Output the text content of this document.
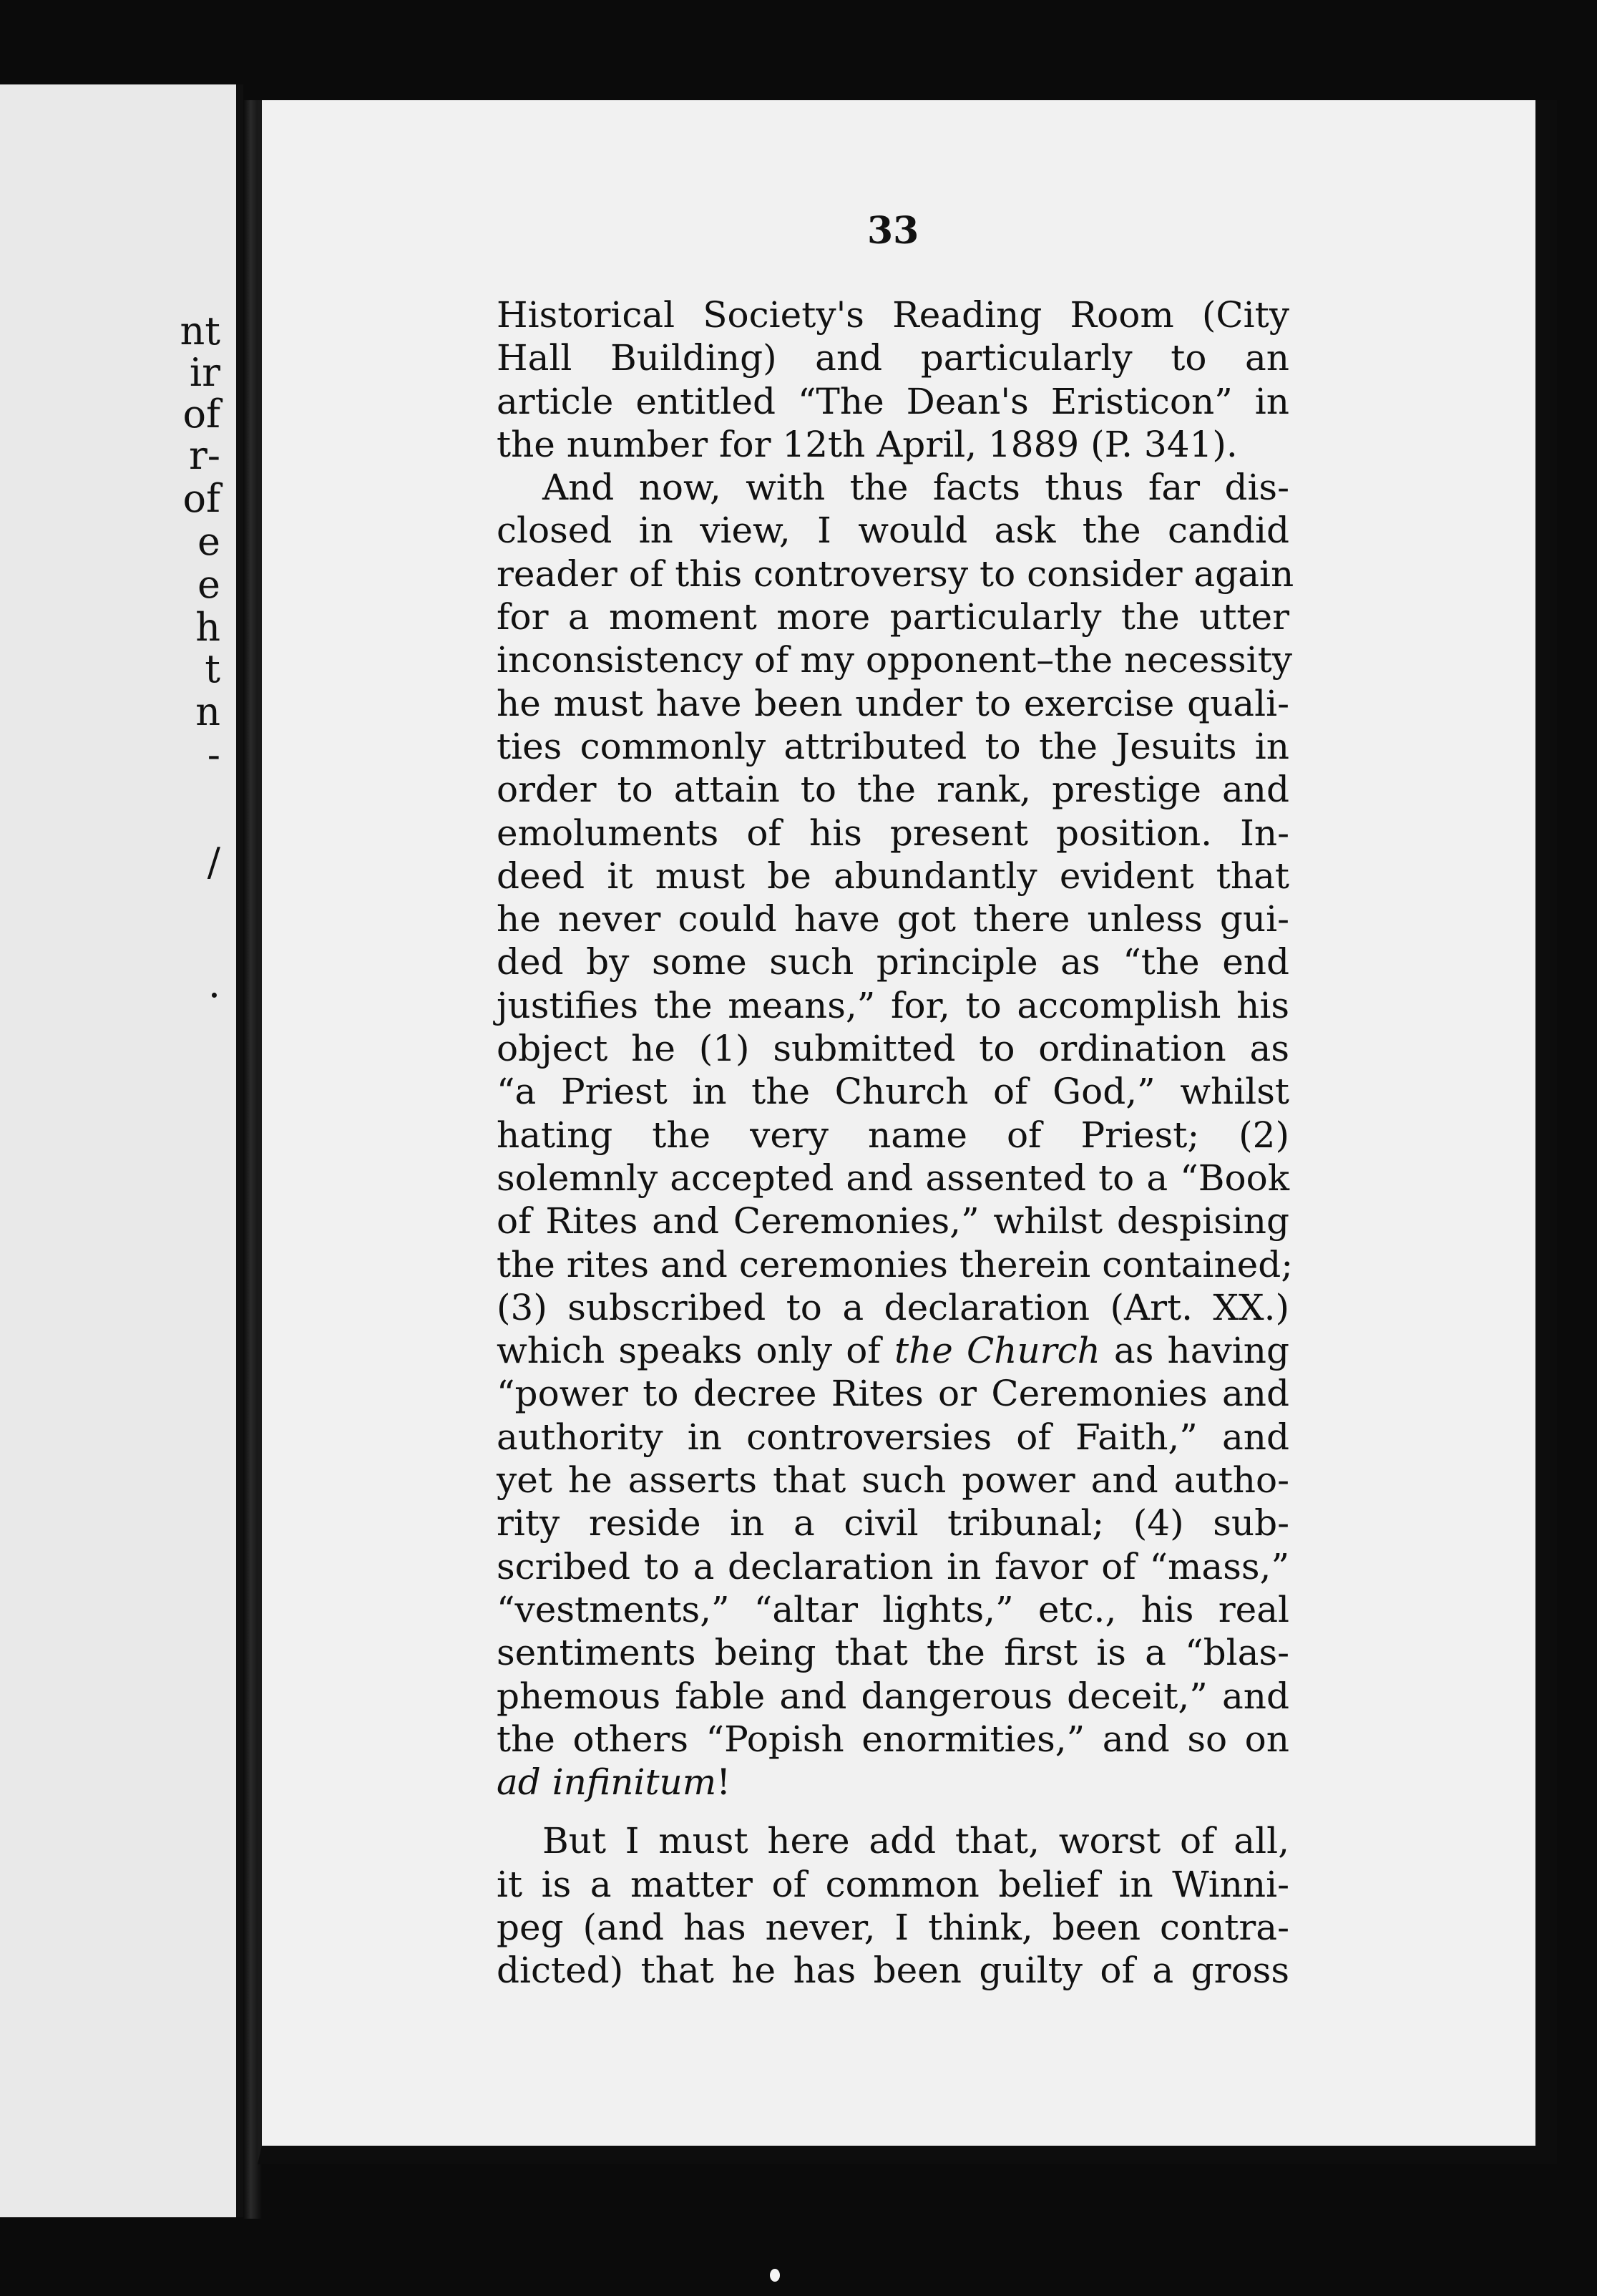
nt
ir
of
r-
of
e
e
h
t
n
-
/
.
33
Historical Society's Reading Room (City
Hall Building) and particularly to an
article entitled “The Dean's Eristicon” in
the number for 12th April, 1889 (P. 341).
And now, with the facts thus far dis-
closed in view, I would ask the candid
reader of this controversy to consider again
for a moment more particularly the utter
inconsistency of my opponent–the necessity
he must have been under to exercise quali-
ties commonly attributed to the Jesuits in
order to attain to the rank, prestige and
emoluments of his present position. In-
deed it must be abundantly evident that
he never could have got there unless gui-
ded by some such principle as “the end
justifies the means,” for, to accomplish his
object he (1) submitted to ordination as
“a Priest in the Church of God,” whilst
hating the very name of Priest; (2)
solemnly accepted and assented to a “Book
of Rites and Ceremonies,” whilst despising
the rites and ceremonies therein contained;
(3) subscribed to a declaration (Art. XX.)
which speaks only of the Church as having
“power to decree Rites or Ceremonies and
authority in controversies of Faith,” and
yet he asserts that such power and autho-
rity reside in a civil tribunal; (4) sub-
scribed to a declaration in favor of “mass,”
“vestments,” “altar lights,” etc., his real
sentiments being that the first is a “blas-
phemous fable and dangerous deceit,” and
the others “Popish enormities,” and so on
ad infinitum!
But I must here add that, worst of all,
it is a matter of common belief in Winni-
peg (and has never, I think, been contra-
dicted) that he has been guilty of a gross
